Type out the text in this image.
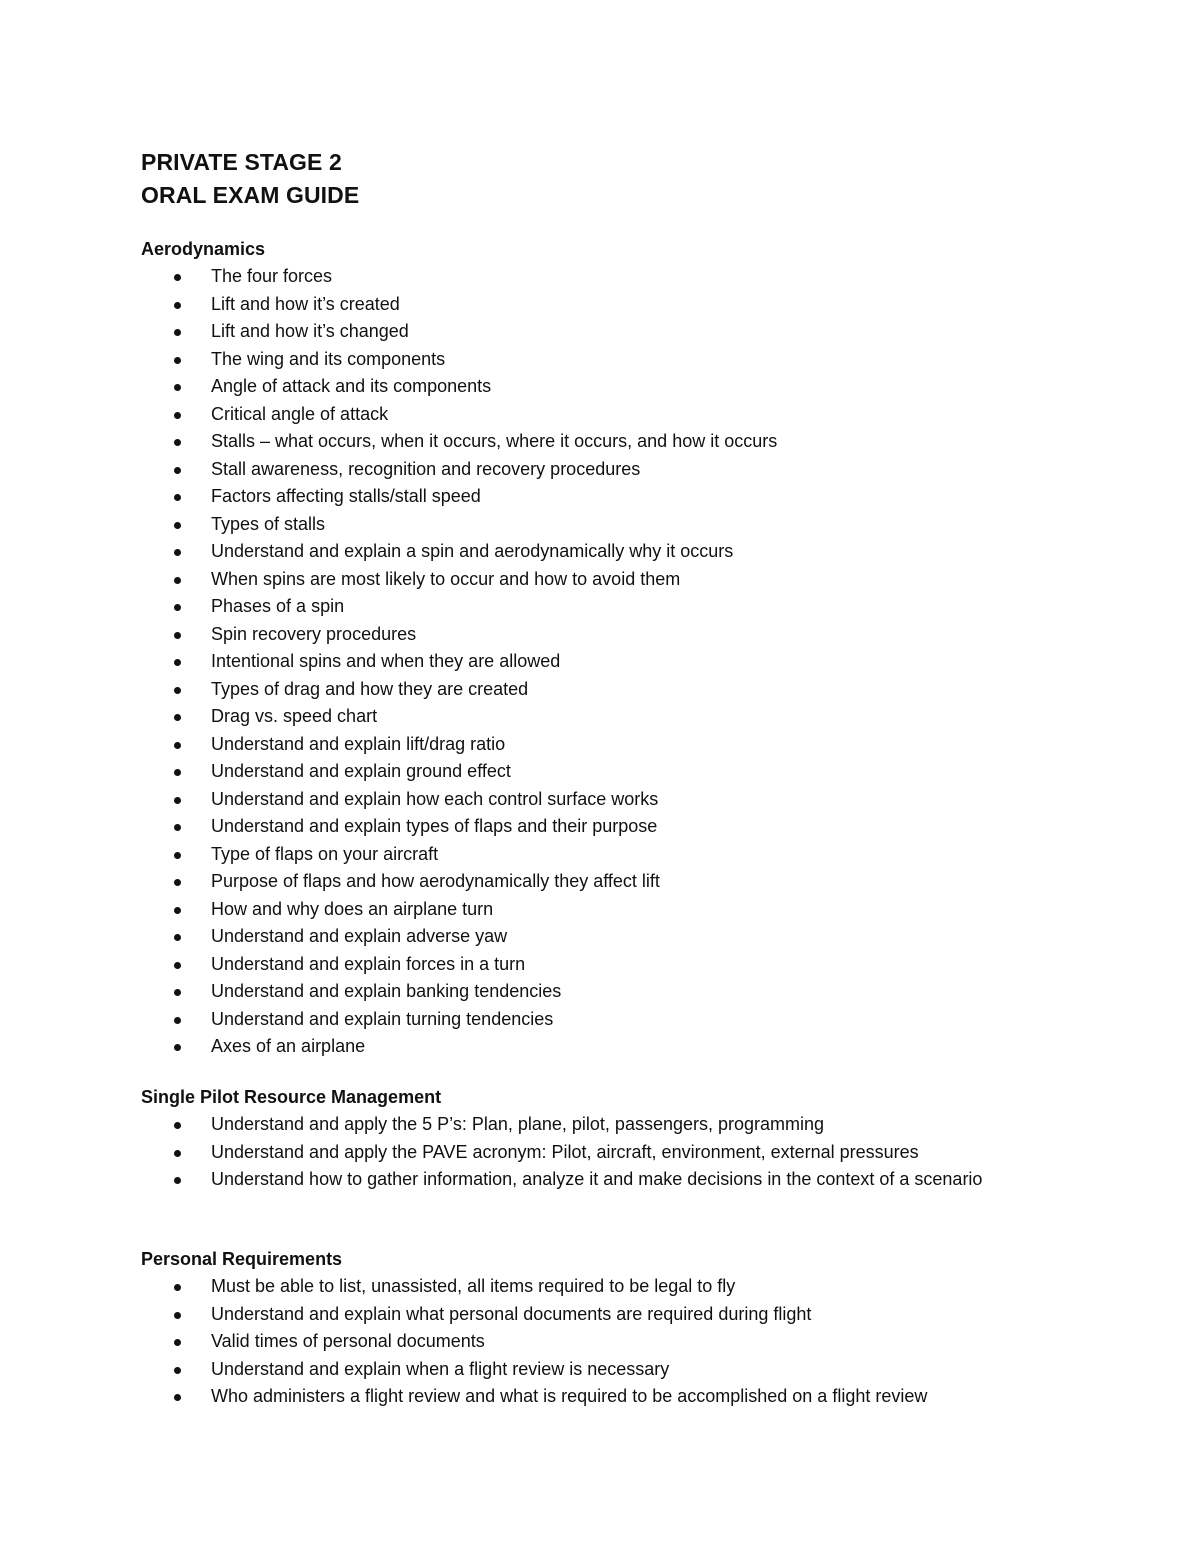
PRIVATE STAGE 2
ORAL EXAM GUIDE
Aerodynamics
The four forces
Lift and how it’s created
Lift and how it’s changed
The wing and its components
Angle of attack and its components
Critical angle of attack
Stalls – what occurs, when it occurs, where it occurs, and how it occurs
Stall awareness, recognition and recovery procedures
Factors affecting stalls/stall speed
Types of stalls
Understand and explain a spin and aerodynamically why it occurs
When spins are most likely to occur and how to avoid them
Phases of a spin
Spin recovery procedures
Intentional spins and when they are allowed
Types of drag and how they are created
Drag vs. speed chart
Understand and explain lift/drag ratio
Understand and explain ground effect
Understand and explain how each control surface works
Understand and explain types of flaps and their purpose
Type of flaps on your aircraft
Purpose of flaps and how aerodynamically they affect lift
How and why does an airplane turn
Understand and explain adverse yaw
Understand and explain forces in a turn
Understand and explain banking tendencies
Understand and explain turning tendencies
Axes of an airplane
Single Pilot Resource Management
Understand and apply the 5 P’s: Plan, plane, pilot, passengers, programming
Understand and apply the PAVE acronym: Pilot, aircraft, environment, external pressures
Understand how to gather information, analyze it and make decisions in the context of a scenario
Personal Requirements
Must be able to list, unassisted, all items required to be legal to fly
Understand and explain what personal documents are required during flight
Valid times of personal documents
Understand and explain when a flight review is necessary
Who administers a flight review and what is required to be accomplished on a flight review
